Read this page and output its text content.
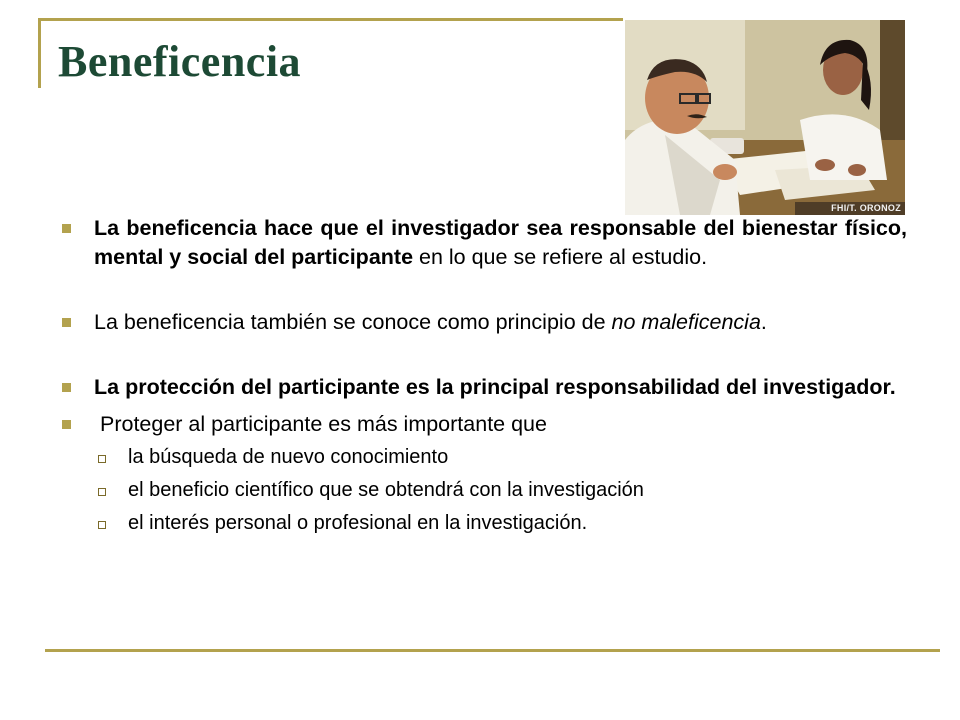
Beneficencia
FHI/T. ORONOZ
La beneficencia hace que el investigador sea responsable del bienestar físico, mental y social del participante en lo que se refiere al estudio.
La beneficencia también se conoce como principio de no maleficencia.
La protección del participante es la principal responsabilidad del investigador.
Proteger al participante es más importante que
la búsqueda de nuevo conocimiento
el beneficio científico que se obtendrá con la investigación
el interés personal o profesional en la investigación.
